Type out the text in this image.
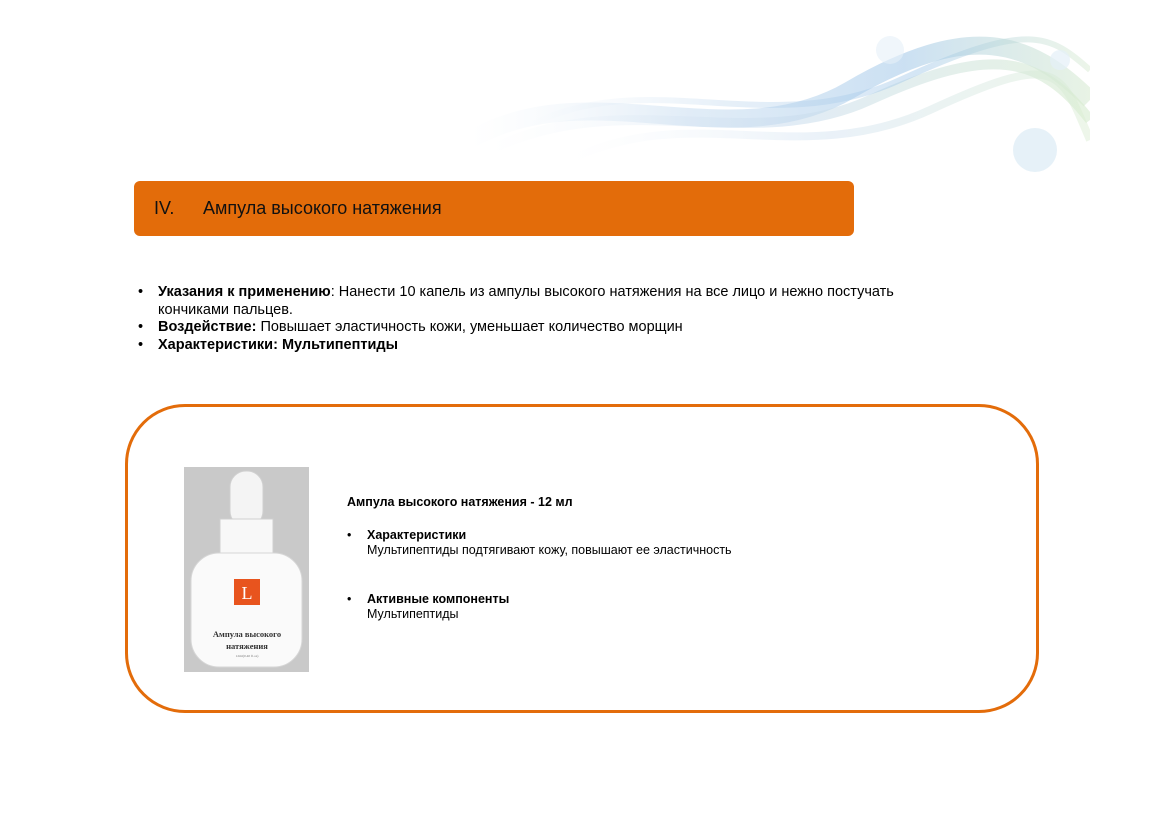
IV. Ампула высокого натяжения
• Указания к применению: Нанести 10 капель из ампулы высокого натяжения на все лицо и нежно постучать
кончиками пальцев.
• Воздействие: Повышает эластичность кожи, уменьшает количество морщин
• Характеристики: Мультипептиды
L
Ампула высокого
натяжения
12ml(0.40 fl.oz)
Ампула высокого натяжения - 12 мл
• Характеристики
Мультипептиды подтягивают кожу, повышают ее эластичность
• Активные компоненты
Мультипептиды
